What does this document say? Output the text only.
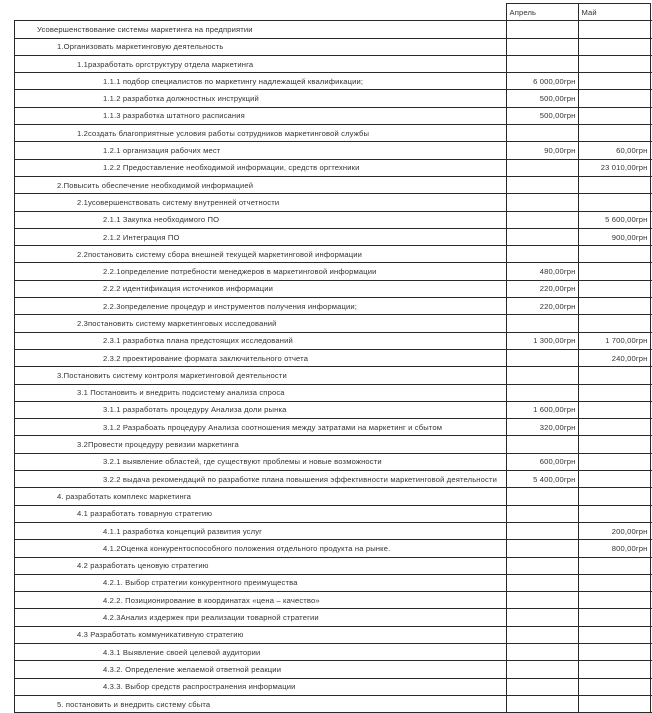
	Апрель	Май	
Усовершенствование системы маркетинга на предприятии			
1.Организовать маркетинговую деятельность			
1.1разработать оргструктуру отдела маркетинга			
1.1.1 подбор специалистов по маркетингу надлежащей квалификации;	6 000,00грн		
1.1.2 разработка должностных инструкций	500,00грн		
1.1.3 разработка штатного расписания	500,00грн		
1.2создать благоприятные условия работы сотрудников маркетинговой службы			
1.2.1 организация рабочих мест	90,00грн	60,00грн	
1.2.2 Предоставление необходимой информации, средств оргтехники		23 010,00грн	
2.Повысить обеспечение необходимой информацией			
2.1усовершенствовать систему внутренней отчетности			
2.1.1 Закупка необходимого ПО		5 600,00грн	
2.1.2 Интеграция ПО		900,00грн	
2.2постановить систему сбора внешней текущей маркетинговой информации			
2.2.1определение потребности менеджеров в маркетинговой информации	480,00грн		
2.2.2 идентификация источников информации	220,00грн		
2.2.3определение процедур и инструментов получения информации;	220,00грн		
2.3постановить систему маркетинговых исследований			
2.3.1 разработка плана предстоящих исследований	1 300,00грн	1 700,00грн	
2.3.2 проектирование формата заключительного отчета		240,00грн	
3.Постановить систему контроля маркетинговой деятельности			
3.1 Постановить и внедрить подсистему анализа спроса			
3.1.1 разработать процедуру Анализа доли рынка	1 600,00грн		
3.1.2 Разрабоать процедуру Анализа соотношения между затратами на маркетинг и сбытом	320,00грн		
3.2Провести процедуру ревизии маркетинга			
3.2.1 выявление областей, где существуют проблемы и новые возможности	600,00грн		
3.2.2 выдача рекомендаций по разработке плана повышения эффективности маркетинговой деятельности	5 400,00грн		
4. разработать комплекс маркетинга			
4.1 разработать товарную стратегию			
4.1.1 разработка концепций развития услуг		200,00грн	
4.1.2Оценка конкурентоспособного положения отдельного продукта на рынке.		800,00грн	
4.2 разработать ценовую стратегию			
4.2.1. Выбор стратегии конкурентного преимущества			
4.2.2. Позиционирование в координатах «цена – качество»			
4.2.3Анализ издержек при реализации товарной стратегии			
4.3 Разработать коммуникативную стратегию			
4.3.1 Выявление своей целевой аудитории			
4.3.2. Определение желаемой ответной реакции			
4.3.3. Выбор средств распространения информации			
5. постановить и внедрить систему сбыта			
